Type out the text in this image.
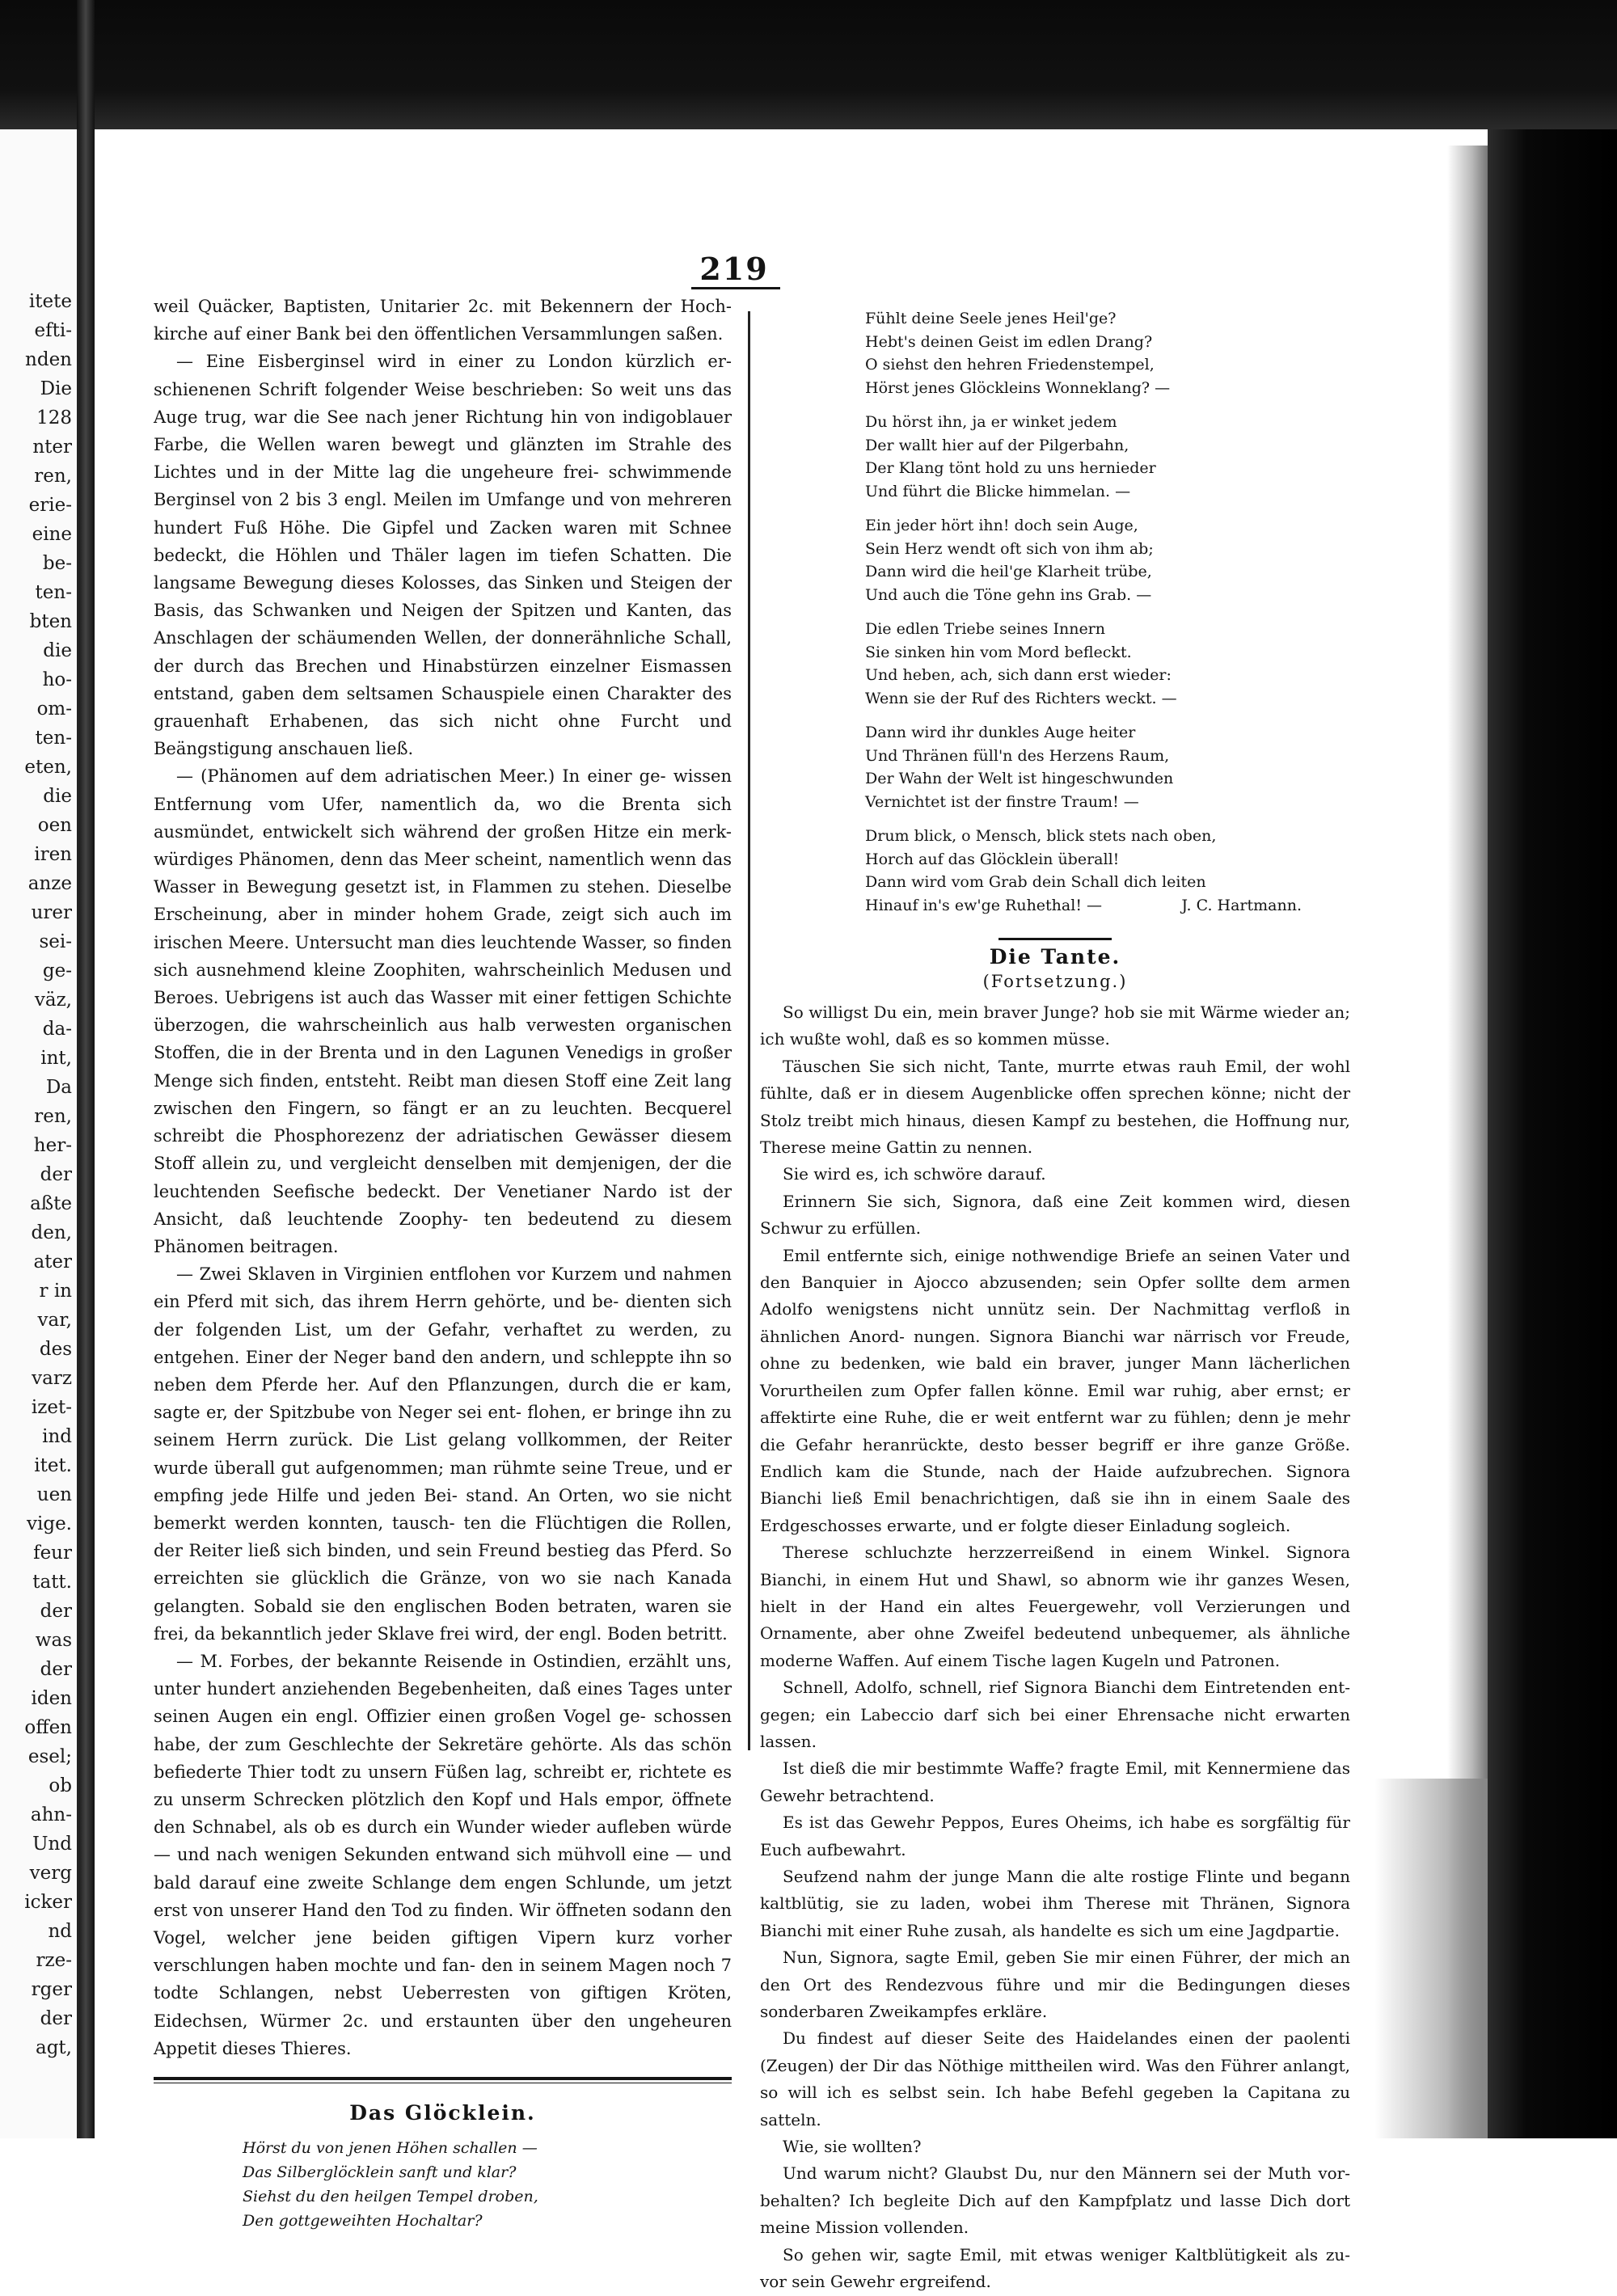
itete
efti-
nden
Die
128
nter
ren,
erie-
eine
be-
ten-
bten
die
ho-
om-
ten-
eten,
die
oen
iren
anze
urer
sei-
ge-
väz,
da-
int,
Da
ren,
her-
der
aßte
den,
ater
r in
var,
des
varz
izet-
ind
itet.
uen
vige.
feur
tatt.
der
was
der
iden
offen
esel;
ob
ahn-
Und
verg
icker
nd
rze-
rger
der
agt,
219

weil Quäcker, Baptisten, Unitarier 2c. mit Bekennern der Hoch- kirche auf einer Bank bei den öffentlichen Versammlungen saßen.

— Eine Eisberginsel wird in einer zu London kürzlich er- schienenen Schrift folgender Weise beschrieben: So weit uns das Auge trug, war die See nach jener Richtung hin von indigoblauer Farbe, die Wellen waren bewegt und glänzten im Strahle des Lichtes und in der Mitte lag die ungeheure frei- schwimmende Berginsel von 2 bis 3 engl. Meilen im Umfange und von mehreren hundert Fuß Höhe. Die Gipfel und Zacken waren mit Schnee bedeckt, die Höhlen und Thäler lagen im tiefen Schatten. Die langsame Bewegung dieses Kolosses, das Sinken und Steigen der Basis, das Schwanken und Neigen der Spitzen und Kanten, das Anschlagen der schäumenden Wellen, der donnerähnliche Schall, der durch das Brechen und Hinabstürzen einzelner Eismassen entstand, gaben dem seltsamen Schauspiele einen Charakter des grauenhaft Erhabenen, das sich nicht ohne Furcht und Beängstigung anschauen ließ.

— (Phänomen auf dem adriatischen Meer.) In einer ge- wissen Entfernung vom Ufer, namentlich da, wo die Brenta sich ausmündet, entwickelt sich während der großen Hitze ein merk- würdiges Phänomen, denn das Meer scheint, namentlich wenn das Wasser in Bewegung gesetzt ist, in Flammen zu stehen. Dieselbe Erscheinung, aber in minder hohem Grade, zeigt sich auch im irischen Meere. Untersucht man dies leuchtende Wasser, so finden sich ausnehmend kleine Zoophiten, wahrscheinlich Medusen und Beroes. Uebrigens ist auch das Wasser mit einer fettigen Schichte überzogen, die wahrscheinlich aus halb verwesten organischen Stoffen, die in der Brenta und in den Lagunen Venedigs in großer Menge sich finden, entsteht. Reibt man diesen Stoff eine Zeit lang zwischen den Fingern, so fängt er an zu leuchten. Becquerel schreibt die Phosphorezenz der adriatischen Gewässer diesem Stoff allein zu, und vergleicht denselben mit demjenigen, der die leuchtenden Seefische bedeckt. Der Venetianer Nardo ist der Ansicht, daß leuchtende Zoophy- ten bedeutend zu diesem Phänomen beitragen.

— Zwei Sklaven in Virginien entflohen vor Kurzem und nahmen ein Pferd mit sich, das ihrem Herrn gehörte, und be- dienten sich der folgenden List, um der Gefahr, verhaftet zu werden, zu entgehen. Einer der Neger band den andern, und schleppte ihn so neben dem Pferde her. Auf den Pflanzungen, durch die er kam, sagte er, der Spitzbube von Neger sei ent- flohen, er bringe ihn zu seinem Herrn zurück. Die List gelang vollkommen, der Reiter wurde überall gut aufgenommen; man rühmte seine Treue, und er empfing jede Hilfe und jeden Bei- stand. An Orten, wo sie nicht bemerkt werden konnten, tausch- ten die Flüchtigen die Rollen, der Reiter ließ sich binden, und sein Freund bestieg das Pferd. So erreichten sie glücklich die Gränze, von wo sie nach Kanada gelangten. Sobald sie den englischen Boden betraten, waren sie frei, da bekanntlich jeder Sklave frei wird, der engl. Boden betritt.

— M. Forbes, der bekannte Reisende in Ostindien, erzählt uns, unter hundert anziehenden Begebenheiten, daß eines Tages unter seinen Augen ein engl. Offizier einen großen Vogel ge- schossen habe, der zum Geschlechte der Sekretäre gehörte. Als das schön befiederte Thier todt zu unsern Füßen lag, schreibt er, richtete es zu unserm Schrecken plötzlich den Kopf und Hals empor, öffnete den Schnabel, als ob es durch ein Wunder wieder aufleben würde — und nach wenigen Sekunden entwand sich mühvoll eine — und bald darauf eine zweite Schlange dem engen Schlunde, um jetzt erst von unserer Hand den Tod zu finden. Wir öffneten sodann den Vogel, welcher jene beiden giftigen Vipern kurz vorher verschlungen haben mochte und fan- den in seinem Magen noch 7 todte Schlangen, nebst Ueberresten von giftigen Kröten, Eidechsen, Würmer 2c. und erstaunten über den ungeheuren Appetit dieses Thieres.

Das Glöcklein.
Hörst du von jenen Höhen schallen —
Das Silberglöcklein sanft und klar?
Siehst du den heilgen Tempel droben,
Den gottgeweihten Hochaltar?
Fühlt deine Seele jenes Heil'ge?
Hebt's deinen Geist im edlen Drang?
O siehst den hehren Friedenstempel,
Hörst jenes Glöckleins Wonneklang? —
Du hörst ihn, ja er winket jedem
Der wallt hier auf der Pilgerbahn,
Der Klang tönt hold zu uns hernieder
Und führt die Blicke himmelan. —
Ein jeder hört ihn! doch sein Auge,
Sein Herz wendt oft sich von ihm ab;
Dann wird die heil'ge Klarheit trübe,
Und auch die Töne gehn ins Grab. —
Die edlen Triebe seines Innern
Sie sinken hin vom Mord befleckt.
Und heben, ach, sich dann erst wieder:
Wenn sie der Ruf des Richters weckt. —
Dann wird ihr dunkles Auge heiter
Und Thränen füll'n des Herzens Raum,
Der Wahn der Welt ist hingeschwunden
Vernichtet ist der finstre Traum! —
Drum blick, o Mensch, blick stets nach oben,
Horch auf das Glöcklein überall!
Dann wird vom Grab dein Schall dich leiten
Hinauf in's ew'ge Ruhethal! —	J. C. Hartmann.
Die Tante.
(Fortsetzung.)

So willigst Du ein, mein braver Junge? hob sie mit Wärme wieder an; ich wußte wohl, daß es so kommen müsse.

Täuschen Sie sich nicht, Tante, murrte etwas rauh Emil, der wohl fühlte, daß er in diesem Augenblicke offen sprechen könne; nicht der Stolz treibt mich hinaus, diesen Kampf zu bestehen, die Hoffnung nur, Therese meine Gattin zu nennen.

Sie wird es, ich schwöre darauf.

Erinnern Sie sich, Signora, daß eine Zeit kommen wird, diesen Schwur zu erfüllen.

Emil entfernte sich, einige nothwendige Briefe an seinen Vater und den Banquier in Ajocco abzusenden; sein Opfer sollte dem armen Adolfo wenigstens nicht unnütz sein. Der Nachmittag verfloß in ähnlichen Anord- nungen. Signora Bianchi war närrisch vor Freude, ohne zu bedenken, wie bald ein braver, junger Mann lächerlichen Vorurtheilen zum Opfer fallen könne. Emil war ruhig, aber ernst; er affektirte eine Ruhe, die er weit entfernt war zu fühlen; denn je mehr die Gefahr heranrückte, desto besser begriff er ihre ganze Größe. Endlich kam die Stunde, nach der Haide aufzubrechen. Signora Bianchi ließ Emil benachrichtigen, daß sie ihn in einem Saale des Erdgeschosses erwarte, und er folgte dieser Einladung sogleich.

Therese schluchzte herzzerreißend in einem Winkel. Signora Bianchi, in einem Hut und Shawl, so abnorm wie ihr ganzes Wesen, hielt in der Hand ein altes Feuergewehr, voll Verzierungen und Ornamente, aber ohne Zweifel bedeutend unbequemer, als ähnliche moderne Waffen. Auf einem Tische lagen Kugeln und Patronen.

Schnell, Adolfo, schnell, rief Signora Bianchi dem Eintretenden ent- gegen; ein Labeccio darf sich bei einer Ehrensache nicht erwarten lassen.

Ist dieß die mir bestimmte Waffe? fragte Emil, mit Kennermiene das Gewehr betrachtend.

Es ist das Gewehr Peppos, Eures Oheims, ich habe es sorgfältig für Euch aufbewahrt.

Seufzend nahm der junge Mann die alte rostige Flinte und begann kaltblütig, sie zu laden, wobei ihm Therese mit Thränen, Signora Bianchi mit einer Ruhe zusah, als handelte es sich um eine Jagdpartie.

Nun, Signora, sagte Emil, geben Sie mir einen Führer, der mich an den Ort des Rendezvous führe und mir die Bedingungen dieses sonderbaren Zweikampfes erkläre.

Du findest auf dieser Seite des Haidelandes einen der paolenti (Zeugen) der Dir das Nöthige mittheilen wird. Was den Führer anlangt, so will ich es selbst sein. Ich habe Befehl gegeben la Capitana zu satteln.

Wie, sie wollten?

Und warum nicht? Glaubst Du, nur den Männern sei der Muth vor- behalten? Ich begleite Dich auf den Kampfplatz und lasse Dich dort meine Mission vollenden.

So gehen wir, sagte Emil, mit etwas weniger Kaltblütigkeit als zu- vor sein Gewehr ergreifend.
